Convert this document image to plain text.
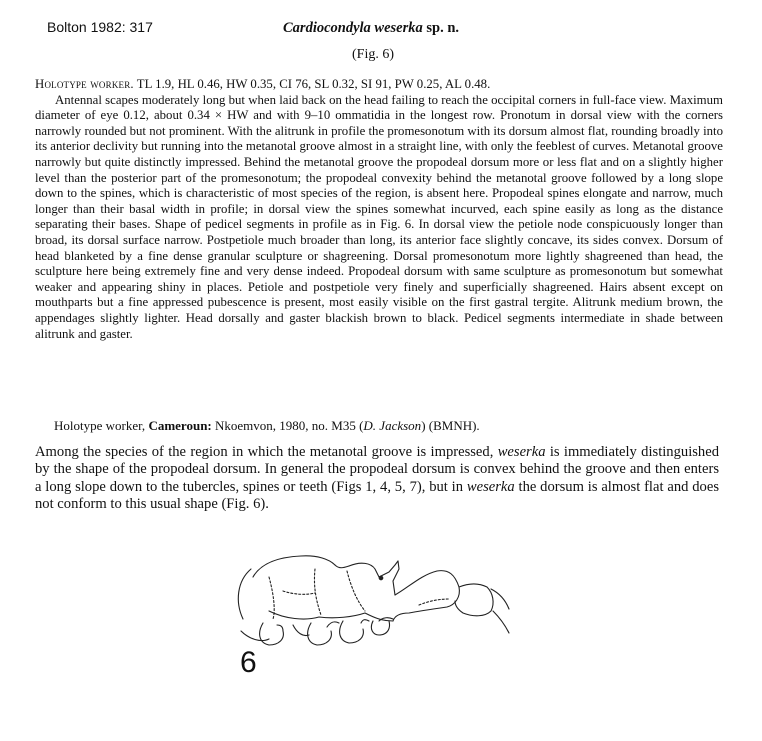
Bolton 1982: 317	Cardiocondyla weserka sp. n.
(Fig. 6)

Holotype worker. TL 1.9, HL 0.46, HW 0.35, CI 76, SL 0.32, SI 91, PW 0.25, AL 0.48.
Antennal scapes moderately long but when laid back on the head failing to reach the occipital corners in full-face view. Maximum diameter of eye 0.12, about 0.34 × HW and with 9–10 ommatidia in the longest row. Pronotum in dorsal view with the corners narrowly rounded but not prominent. With the alitrunk in profile the promesonotum with its dorsum almost flat, rounding broadly into its anterior declivity but running into the metanotal groove almost in a straight line, with only the feeblest of curves. Metanotal groove narrowly but quite distinctly impressed. Behind the metanotal groove the propodeal dorsum more or less flat and on a slightly higher level than the posterior part of the promesonotum; the propodeal convexity behind the metanotal groove followed by a long slope down to the spines, which is characteristic of most species of the region, is absent here. Propodeal spines elongate and narrow, much longer than their basal width in profile; in dorsal view the spines somewhat incurved, each spine easily as long as the distance separating their bases. Shape of pedicel segments in profile as in Fig. 6. In dorsal view the petiole node conspicuously longer than broad, its dorsal surface narrow. Postpetiole much broader than long, its anterior face slightly concave, its sides convex. Dorsum of head blanketed by a fine dense granular sculpture or shagreening. Dorsal promesonotum more lightly shagreened than head, the sculpture here being extremely fine and very dense indeed. Propodeal dorsum with same sculpture as promesonotum but somewhat weaker and appearing shiny in places. Petiole and postpetiole very finely and superficially shagreened. Hairs absent except on mouthparts but a fine appressed pubescence is present, most easily visible on the first gastral tergite. Alitrunk medium brown, the appendages slightly lighter. Head dorsally and gaster blackish brown to black. Pedicel segments intermediate in shade between alitrunk and gaster.

Holotype worker, Cameroun: Nkoemvon, 1980, no. M35 (D. Jackson) (BMNH).

Among the species of the region in which the metanotal groove is impressed, weserka is immediately distinguished by the shape of the propodeal dorsum. In general the propodeal dorsum is convex behind the groove and then enters a long slope down to the tubercles, spines or teeth (Figs 1, 4, 5, 7), but in weserka the dorsum is almost flat and does not conform to this usual shape (Fig. 6).

6
